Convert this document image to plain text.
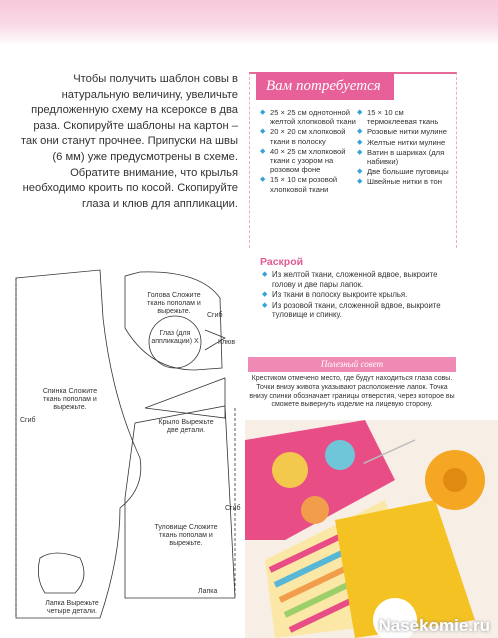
Чтобы получить шаблон совы в натуральную величину, увеличьте предложенную схему на ксероксе в два раза. Скопируйте шаблоны на картон – так они станут прочнее. Припуски на швы (6 мм) уже предусмотрены в схеме. Обратите внимание, что крылья необходимо кроить по косой. Скопируйте глаза и клюв для аппликации.
Вам потребуется
◆ 25 × 25 см однотонной желтой хлопковой ткани
◆ 20 × 20 см хлопковой ткани в полоску
◆ 40 × 25 см хлопковой ткани с узором на розовом фоне
◆ 15 × 10 см розовой хлопковой ткани
◆ 15 × 10 см термоклеевая ткань
◆ Розовые нитки мулине
◆ Желтые нитки мулине
◆ Ватин в шариках (для набивки)
◆ Две большие пуговицы
◆ Швейные нитки в тон
Раскрой
◆ Из желтой ткани, сложенной вдвое, выкроите голову и две пары лапок.
◆ Из ткани в полоску выкроите крылья.
◆ Из розовой ткани, сложенной вдвое, выкроите туловище и спинку.
Полезный совет
Крестиком отмечено место, где будут находиться глаза совы. Точки внизу живота указывают расположение лапок. Точка внизу спинки обозначает границы отверстия, через которое вы сможете вывернуть изделие на лицевую сторону.
Голова Сложите ткань пополам и вырежьте.
Сгиб
Глаз (для аппликации) X	Клюв
Спинка Сложите ткань пополам и вырежьте.
Сгиб	Крыло Вырежьте две детали.
Туловище Сложите ткань пополам и вырежьте.
Сгиб
Лапка
Лапка Вырежьте четыре детали.
Nasekomie.ru
